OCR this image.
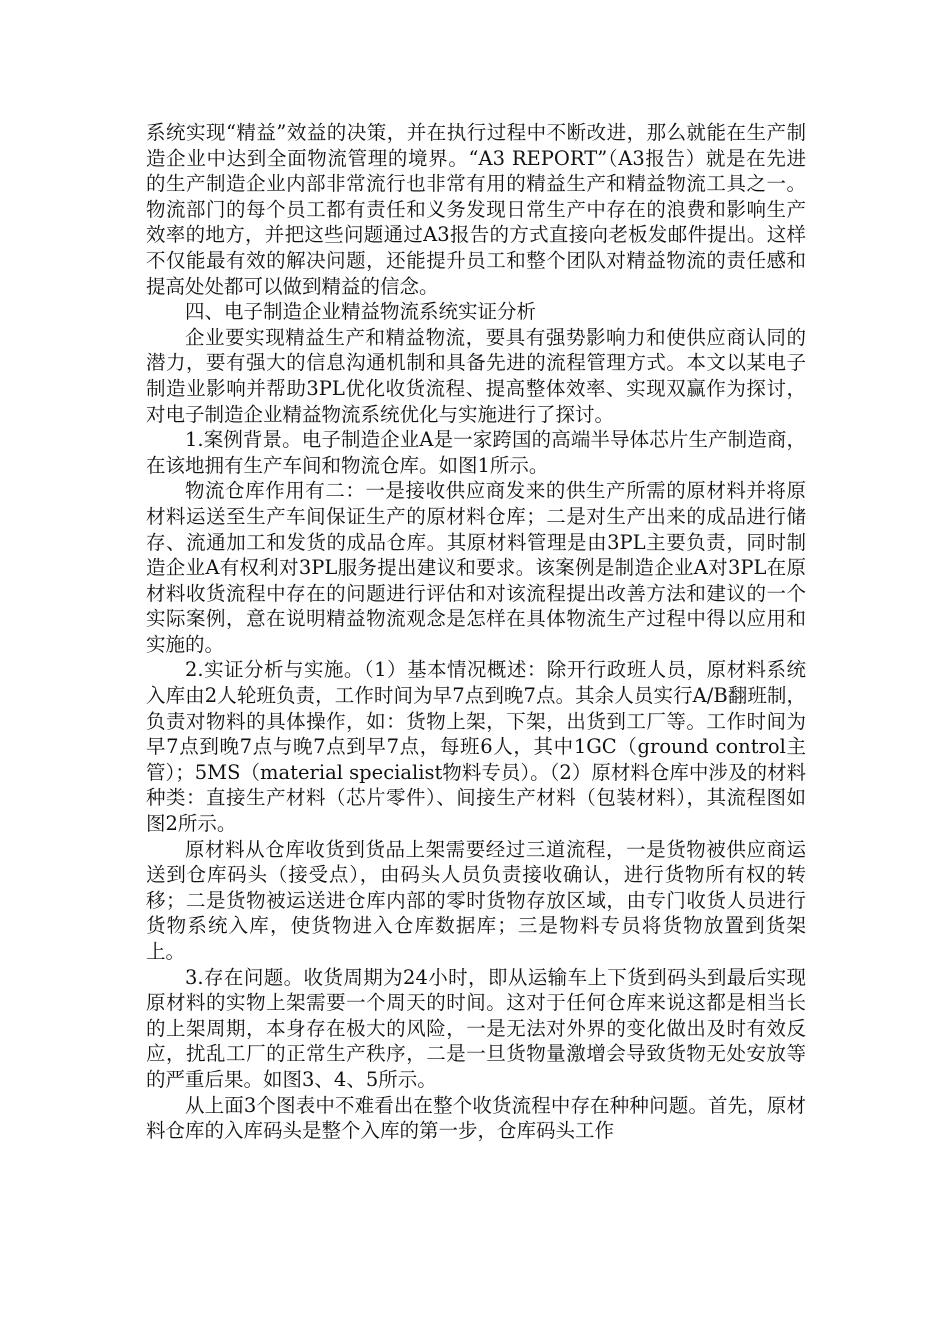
系统实现“精益”效益的决策，并在执行过程中不断改进，那么就能在生产制造企业中达到全面物流管理的境界。“A3 REPORT”（A3报告）就是在先进的生产制造企业内部非常流行也非常有用的精益生产和精益物流工具之一。物流部门的每个员工都有责任和义务发现日常生产中存在的浪费和影响生产效率的地方，并把这些问题通过A3报告的方式直接向老板发邮件提出。这样不仅能最有效的解决问题，还能提升员工和整个团队对精益物流的责任感和提高处处都可以做到精益的信念。

四、电子制造企业精益物流系统实证分析

企业要实现精益生产和精益物流，要具有强势影响力和使供应商认同的潜力，要有强大的信息沟通机制和具备先进的流程管理方式。本文以某电子制造业影响并帮助3PL优化收货流程、提高整体效率、实现双赢作为探讨，对电子制造企业精益物流系统优化与实施进行了探讨。

1.案例背景。电子制造企业A是一家跨国的高端半导体芯片生产制造商，在该地拥有生产车间和物流仓库。如图1所示。

物流仓库作用有二：一是接收供应商发来的供生产所需的原材料并将原材料运送至生产车间保证生产的原材料仓库；二是对生产出来的成品进行储存、流通加工和发货的成品仓库。其原材料管理是由3PL主要负责，同时制造企业A有权利对3PL服务提出建议和要求。该案例是制造企业A对3PL在原材料收货流程中存在的问题进行评估和对该流程提出改善方法和建议的一个实际案例，意在说明精益物流观念是怎样在具体物流生产过程中得以应用和实施的。

2.实证分析与实施。（1）基本情况概述：除开行政班人员，原材料系统入库由2人轮班负责，工作时间为早7点到晚7点。其余人员实行A/B翻班制，负责对物料的具体操作，如：货物上架，下架，出货到工厂等。工作时间为早7点到晚7点与晚7点到早7点，每班6人，其中1GC（ground control主管）；5MS（material specialist物料专员）。（2）原材料仓库中涉及的材料种类：直接生产材料（芯片零件）、间接生产材料（包装材料），其流程图如图2所示。

原材料从仓库收货到货品上架需要经过三道流程，一是货物被供应商运送到仓库码头（接受点），由码头人员负责接收确认，进行货物所有权的转移；二是货物被运送进仓库内部的零时货物存放区域，由专门收货人员进行货物系统入库，使货物进入仓库数据库；三是物料专员将货物放置到货架上。

3.存在问题。收货周期为24小时，即从运输车上下货到码头到最后实现原材料的实物上架需要一个周天的时间。这对于任何仓库来说这都是相当长的上架周期，本身存在极大的风险，一是无法对外界的变化做出及时有效反应，扰乱工厂的正常生产秩序，二是一旦货物量激增会导致货物无处安放等的严重后果。如图3、4、5所示。

从上面3个图表中不难看出在整个收货流程中存在种种问题。首先，原材料仓库的入库码头是整个入库的第一步，仓库码头工作
